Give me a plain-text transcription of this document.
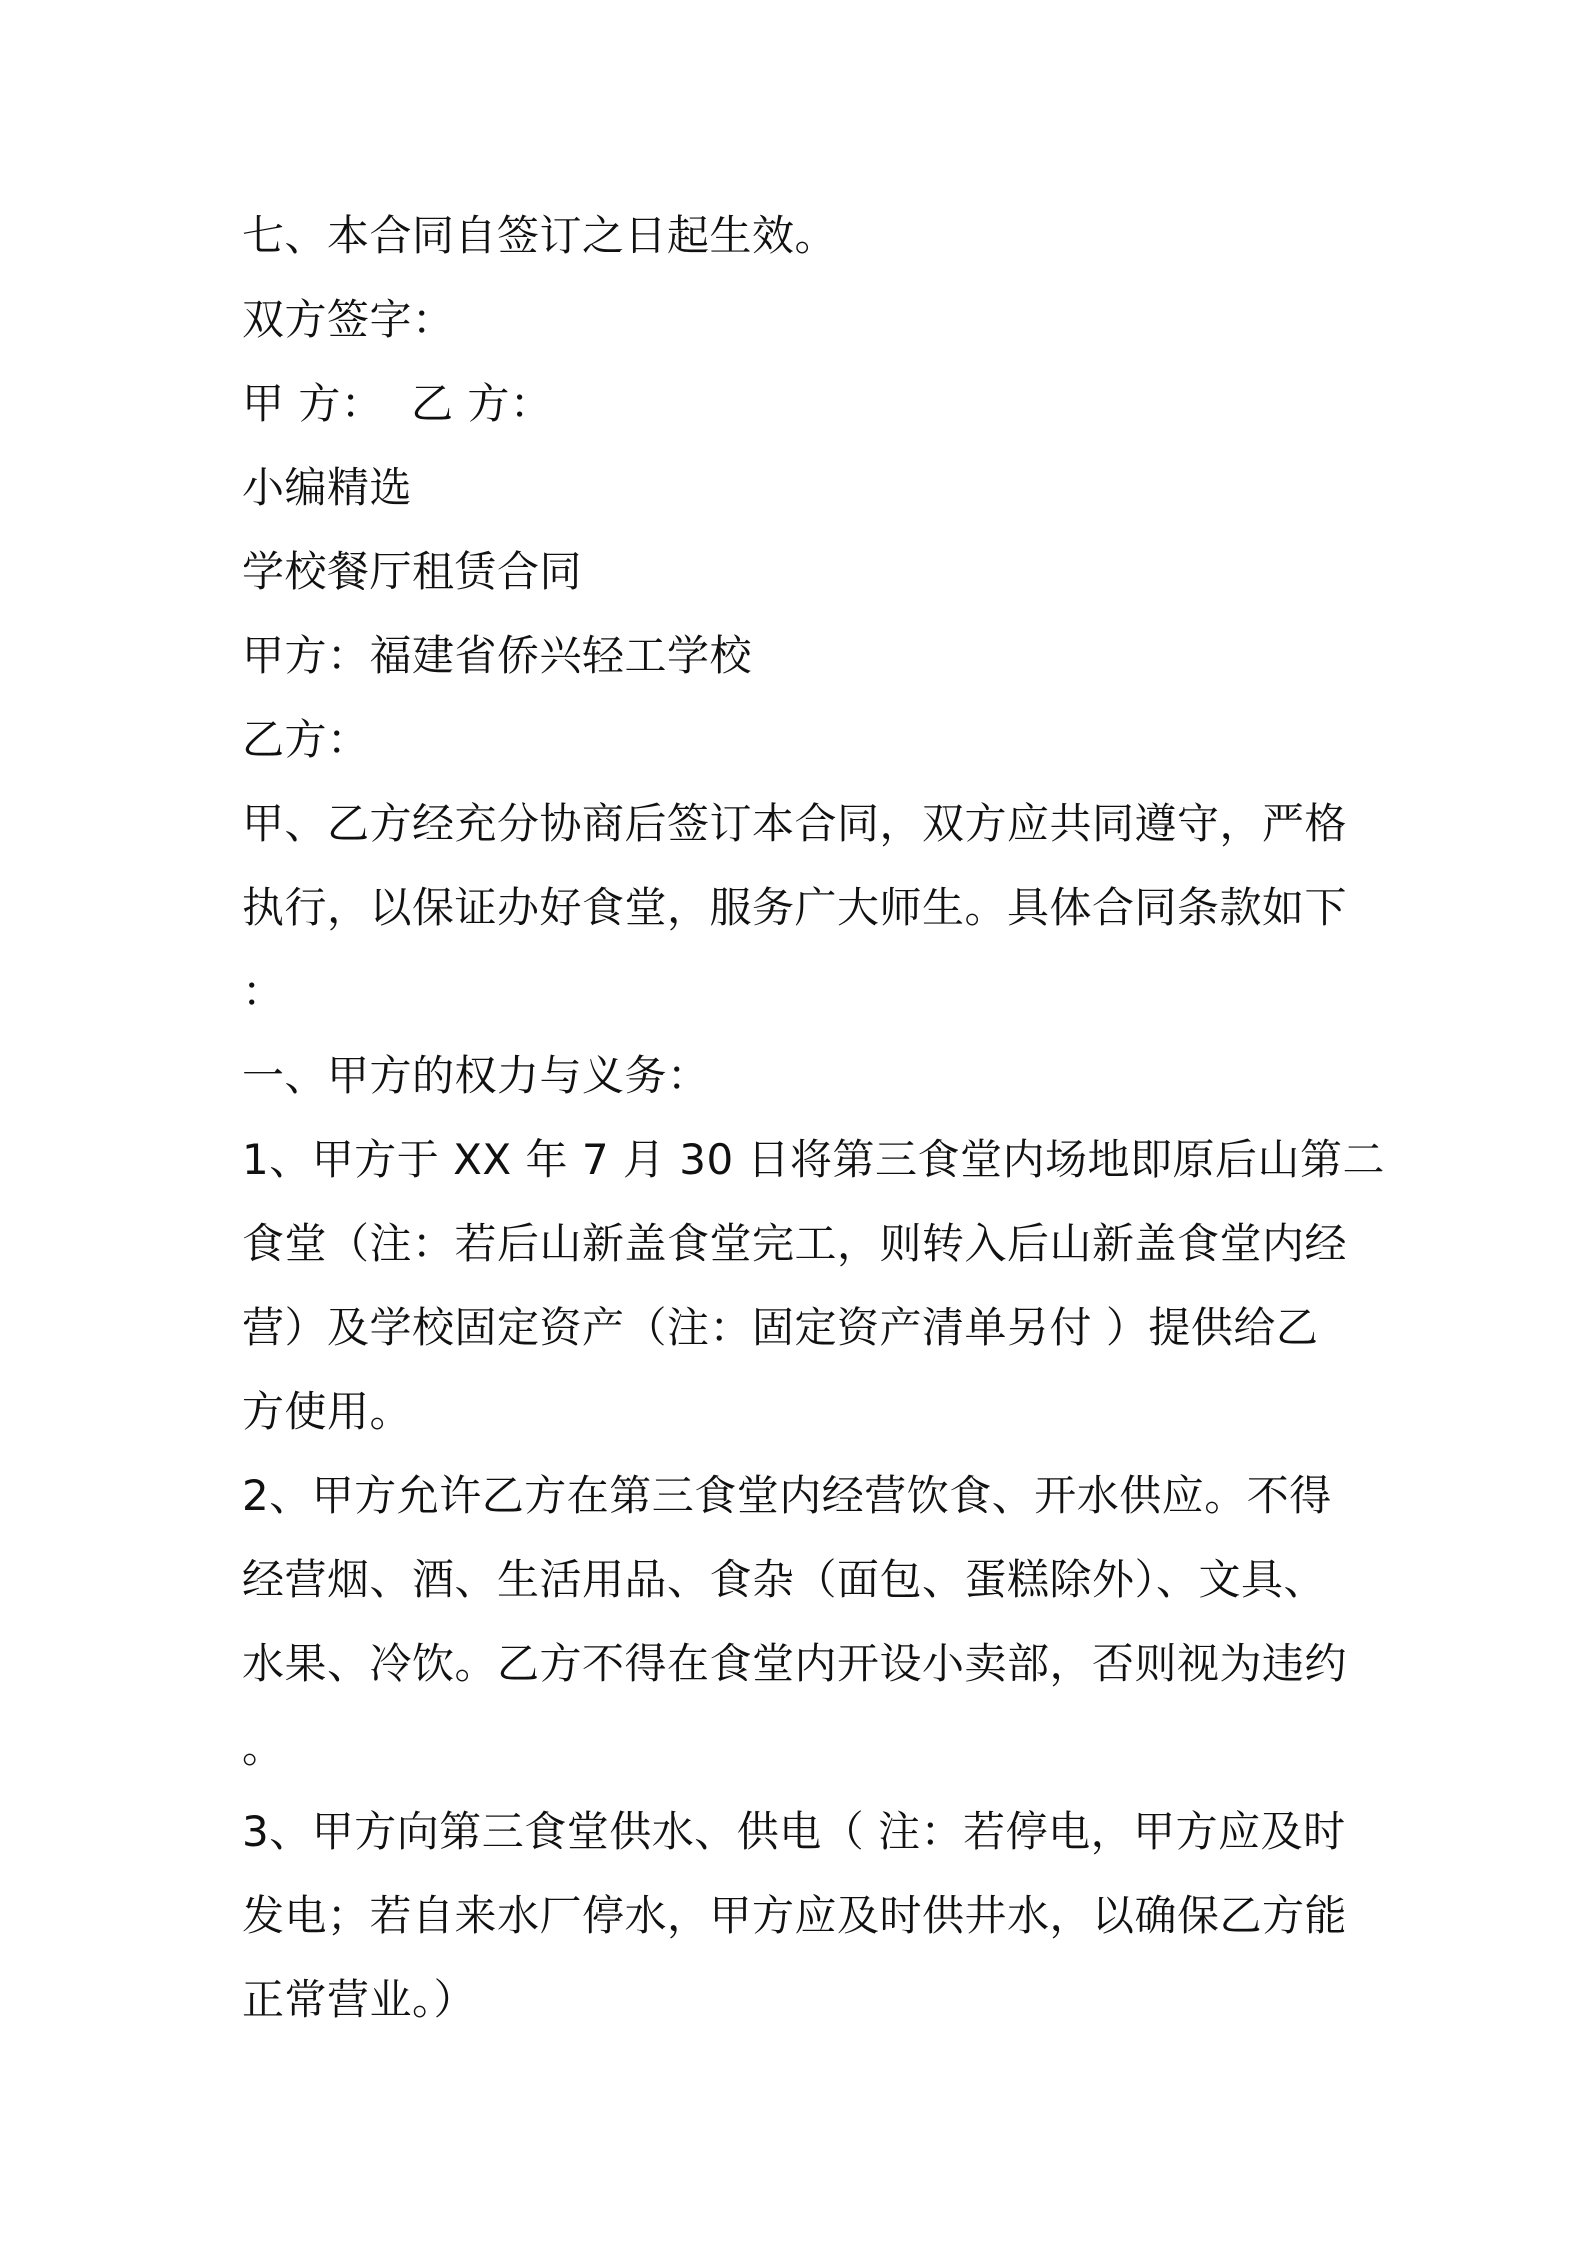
七、本合同自签订之日起生效。
双方签字：
甲 方：  乙 方：
小编精选
学校餐厅租赁合同
甲方：福建省侨兴轻工学校
乙方：
甲、乙方经充分协商后签订本合同，双方应共同遵守，严格
执行，以保证办好食堂，服务广大师生。具体合同条款如下
：
一、甲方的权力与义务：
1、甲方于 XX 年 7 月 30 日将第三食堂内场地即原后山第二
食堂（注：若后山新盖食堂完工，则转入后山新盖食堂内经
营）及学校固定资产（注：固定资产清单另付 ）提供给乙
方使用。
2、甲方允许乙方在第三食堂内经营饮食、开水供应。不得
经营烟、酒、生活用品、食杂（面包、蛋糕除外）、文具、
水果、冷饮。乙方不得在食堂内开设小卖部，否则视为违约
。
3、甲方向第三食堂供水、供电（ 注：若停电，甲方应及时
发电；若自来水厂停水，甲方应及时供井水，以确保乙方能
正常营业。）
